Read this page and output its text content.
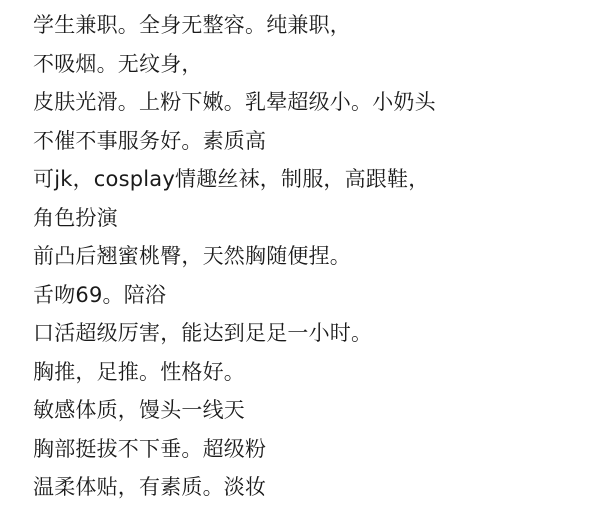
学生兼职。全身无整容。纯兼职，
不吸烟。无纹身，
皮肤光滑。上粉下嫩。乳晕超级小。小奶头
不催不事服务好。素质高
可jk，cosplay情趣丝袜，制服，高跟鞋，
角色扮演
前凸后翘蜜桃臀，天然胸随便捏。
舌吻69。陪浴
口活超级厉害，能达到足足一小时。
胸推，足推。性格好。
敏感体质，馒头一线天
胸部挺拔不下垂。超级粉
温柔体贴，有素质。淡妆
